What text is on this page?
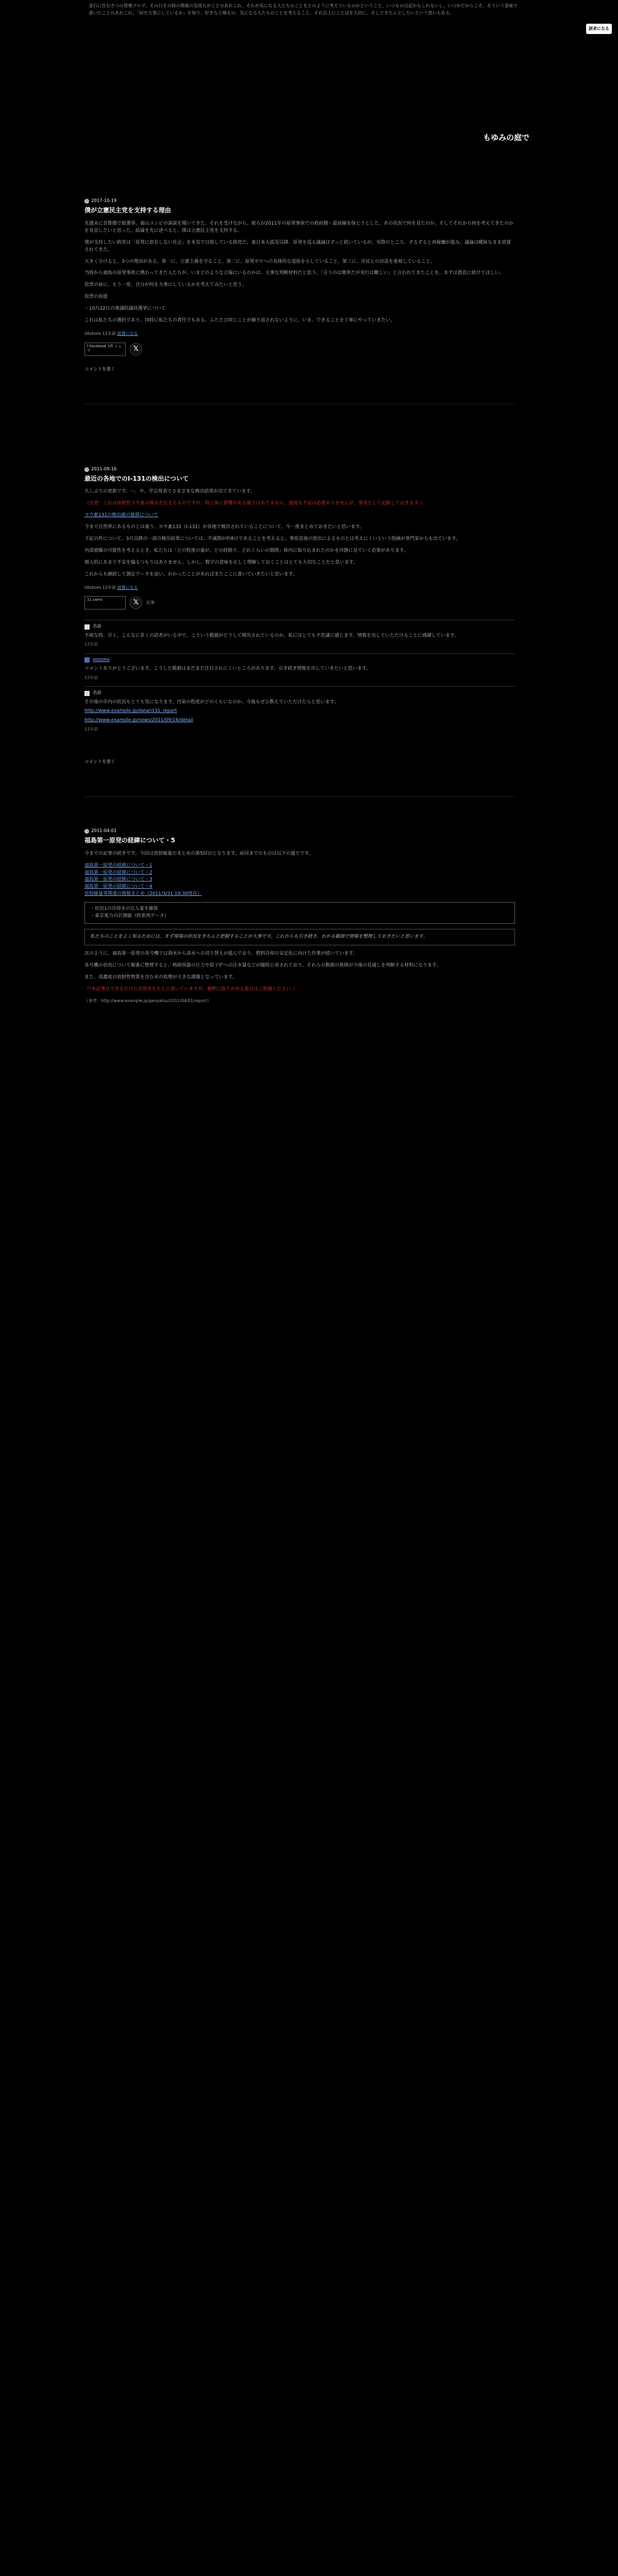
釜石に住むさつの管理ブログ。その日その時の関係の気持ちがことのあれこれ。それが気になる人たちのことをとのように考えているのかということ、いつもの日記かもしれないし、いつかだからこそ、そういう意味で書いたことのあれこれ。「何を大事にしているか」を知り、好きな立場もの、気になる人たちのことを考えること、それ以上にことばを大切に、そしてきちんとしたいという思いもある。
読者になる
もゆみの庭で
◷ 2017-10-19
僕が立憲民主党を支持する理由

先週末に首都圏で総選挙、福山ユンピの演説を聞いてきた。それを受けながら、彼らが2011年の原発事故での政府側・最前線を保とうとした、あの状況で何を見たのか、そしてそれから何を考えてきたのかを見直したいと思った。結論を先に述べると、僕は立憲民主党を支持する。

僕が支持したい政党は「原発に依存しない社会」を本気で目指している政党だ。東日本大震災以降、原発を巡る議論はずっと続いているが、実際のところ、ずるずると再稼働が進み、議論は曖昧なまま放置されてきた。

大きく分けると、3つの理由がある。第一に、立憲主義を守ること。第二に、原発ゼロへの具体的な道筋を示していること。第三に、市民との対話を重視していること。

当時から福島の原発事故に携わってきた人たちが、いまどのような立場にいるのかは、大事な判断材料だと思う。「言うのは簡単だが実行は難しい」と言われてきたことを、まずは愚直に続けてほしい。

投票の前に、もう一度、自分が何を大事にしているかを考えてみたいと思う。

投票の前提

・10月22日の衆議院議員選挙について

これは私たちの選択であり、同時に私たちの責任でもある。ふたたび同じことが繰り返されないように、いま、できることを丁寧にやっていきたい。

Ototomi 11年前 読書になる
f Facebook 1件 シェア	𝕏
コメントを書く
◷ 2011-09-16
最近の各地でのI-131の検出について

久しぶりの更新です。ー、や、学会発表でさまざまな検出結果が出てきています。

（注意：これは放射性ヨウ素の検出を伝えるものですが、特に体に影響がある値ではありません。過度な不安は必要ありませんが、事実として記録しておきます。）

ヨウ素131の検出値の推移について

今まで自然界にあるものとは違う、ヨウ素131（I-131）が各地で検出されていることについて、今一度まとめておきたいと思います。

下記の件について、3月以降の一部の検出結果については、半減期が約8日であることを考えると、事故直後の放出によるものとは考えにくいという指摘が専門家からも出ています。

内部被曝の可能性を考えるとき、私たちは「どの程度の量が、どの経路で、どれくらいの期間」体内に取り込まれたのかを冷静に見ていく必要があります。

個人的にあまり不安を煽るつもりはありません。しかし、数字の意味を正しく理解しておくことはとても大切なことだと思います。

これからも継続して測定データを追い、わかったことがあればまたここに書いていきたいと思います。

Ototomi 12年前 読書になる
11 users	𝕏	記事
名前
不純な時、早く、こんなに多くの読者がいる中で、こういう数値がどうして検出されているのか、私にはとても不思議に感じます。情報を出していただけることに感謝しています。
12年前
ototomi
コメントありがとうございます。こうした数値はまだまだ注目されにくいところがあります。引き続き情報を出していきたいと思います。
12年前
名前
その後の市内の状況もとても気になります。汚染の程度がどのくらいなのか、今後もぜひ教えていただけたらと思います。
http://www.example.jp/data/i131_report
http://www.example.jp/news/2011/09/16/detail
12年前
コメントを書く
◷ 2011-04-01
福島第一原発の経緯について・5

今までの記事の続きです。今回は放射線量のまとめの第5回目となります。前回までのものは以下の通りです。

福島第一原発の経緯について・1
福島第一原発の経緯について・2
福島第一原発の経緯について・3
福島第一原発の経緯について・4
放射線量等関連の情報まとめ（2011/3/31 19:30現在）
・状況1の冷却水の注入量を確保
・東京電力の計測値（時系列データ）
私たちのことをよく知るためには、まず現場の状況をきちんと把握することが大事です。これからも引き続き、わかる範囲で情報を整理しておきたいと思います。

次のように、福島第一原発の各号機では海水から淡水への切り替えが進んでおり、燃料冷却の安定化に向けた作業が続いています。

各号機の状況について順番に整理すると、格納容器の圧力や原子炉への注水量などが随時公表されており、それらの数値の推移が今後の見通しを判断する材料になります。

また、高濃度の放射性物質を含む水の処理が大きな課題となっています。

（*本記事はできるだけ公式発表をもとに書いていますが、解釈に誤りがある場合はご指摘ください。）

（参考：http://www.example.jp/genpatsu/2011/04/01/report）
